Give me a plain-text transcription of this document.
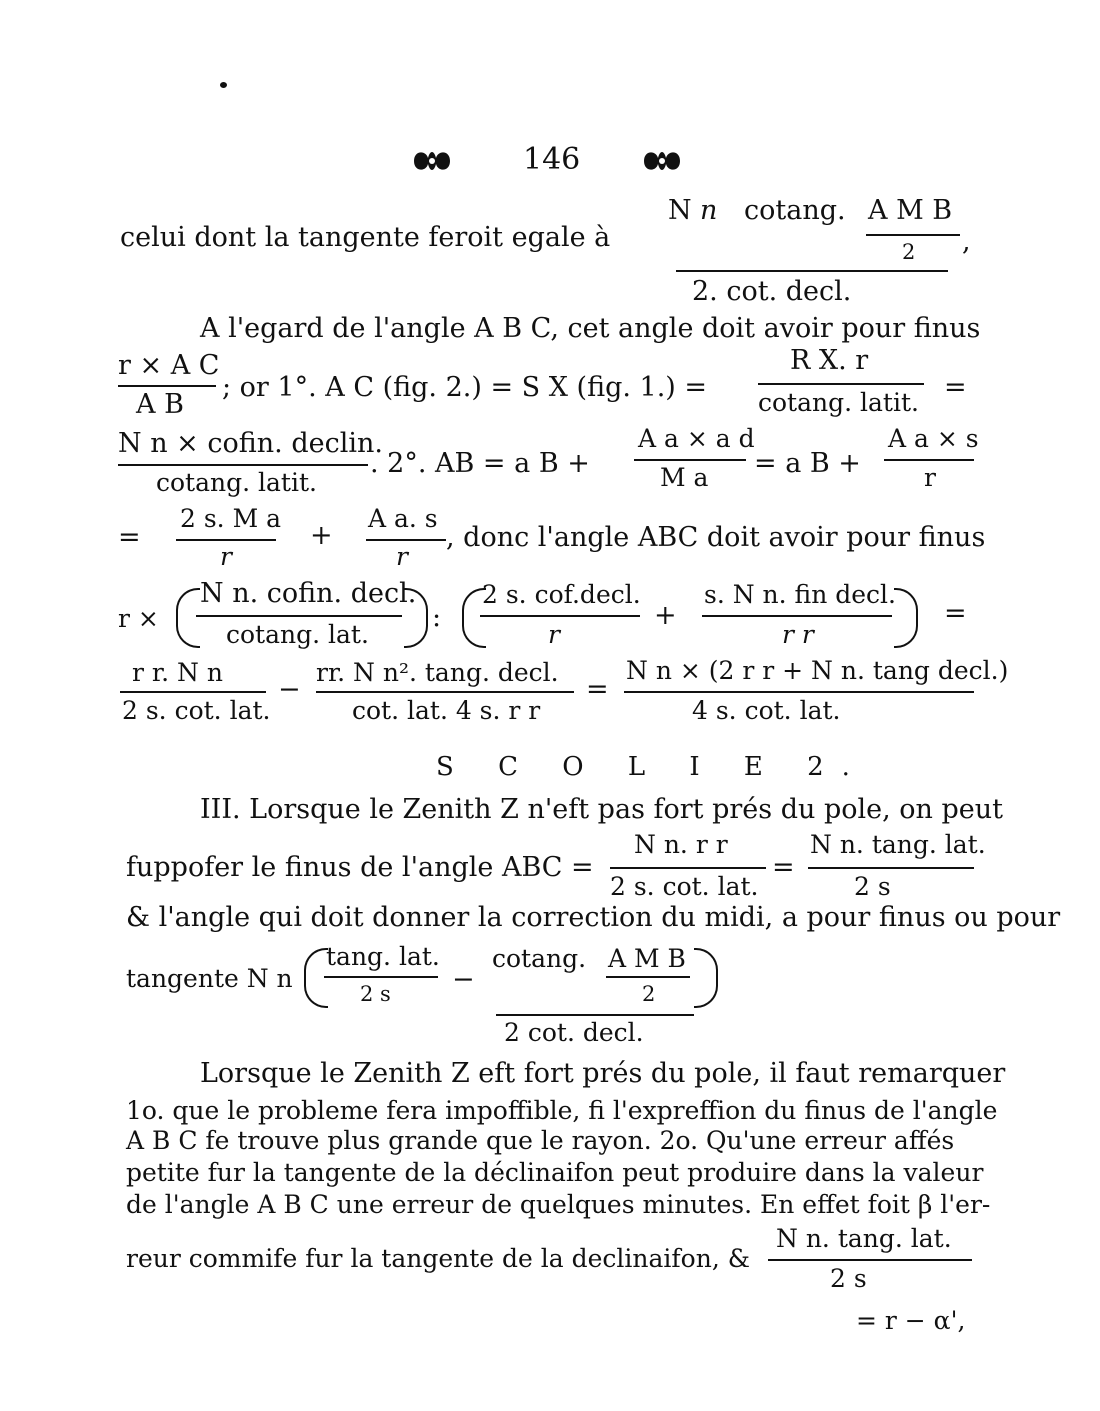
146
celui dont la tangente feroit egale à
N n cotang. A M B
2 ,
2. cot. decl.
A l'egard de l'angle A B C, cet angle doit avoir pour finus
r × A C
A B
; or 1°. A C (fig. 2.) = S X (fig. 1.) =
R X. r
cotang. latit. =
N n × cofin. declin.
cotang. latit.
. 2°. AB = a B +
A a × a d
M a = a B +
A a × s
r
=
2 s. M a
r
+
A a. s
r
, donc l'angle ABC doit avoir pour finus
r ×
N n. cofin. decl.
cotang. lat.
:
2 s. cof.decl.
r
+
s. N n. fin decl.
r r
=
r r. N n
2 s. cot. lat.
−
rr. N n². tang. decl.
cot. lat. 4 s. r r
=
N n × (2 r r + N n. tang decl.)
4 s. cot. lat.
S C O L I E 2.
III. Lorsque le Zenith Z n'eft pas fort prés du pole, on peut
fuppofer le finus de l'angle ABC =
N n. r r
2 s. cot. lat.
=
N n. tang. lat.
2 s
& l'angle qui doit donner la correction du midi, a pour finus ou pour
tangente N n
tang. lat.
2 s −
cotang. A M B
2
2 cot. decl.
Lorsque le Zenith Z eft fort prés du pole, il faut remarquer
1o. que le probleme fera impoffible, fi l'expreffion du finus de l'angle
A B C fe trouve plus grande que le rayon. 2o. Qu'une erreur affés
petite fur la tangente de la déclinaifon peut produire dans la valeur
de l'angle A B C une erreur de quelques minutes. En effet foit β l'er-
reur commife fur la tangente de la declinaifon, &
N n. tang. lat.
2 s
= r − α',
